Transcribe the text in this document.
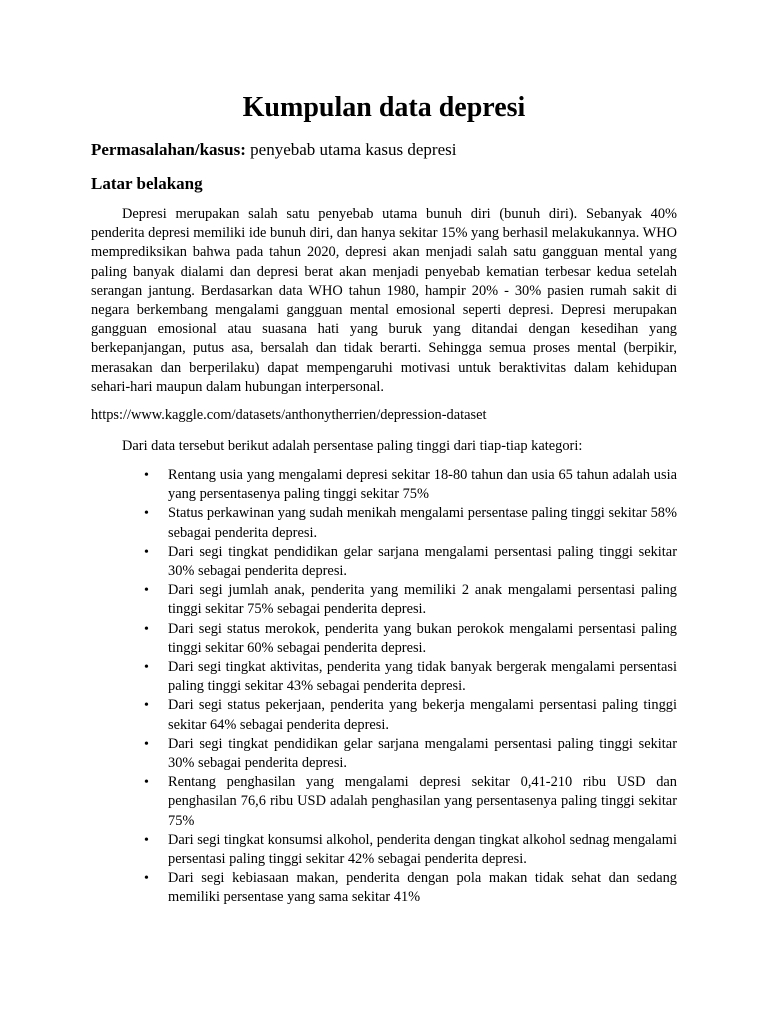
Kumpulan data depresi
Permasalahan/kasus: penyebab utama kasus depresi
Latar belakang

Depresi merupakan salah satu penyebab utama bunuh diri (bunuh diri). Sebanyak 40% penderita depresi memiliki ide bunuh diri, dan hanya sekitar 15% yang berhasil melakukannya. WHO memprediksikan bahwa pada tahun 2020, depresi akan menjadi salah satu gangguan mental yang paling banyak dialami dan depresi berat akan menjadi penyebab kematian terbesar kedua setelah serangan jantung. Berdasarkan data WHO tahun 1980, hampir 20% - 30% pasien rumah sakit di negara berkembang mengalami gangguan mental emosional seperti depresi. Depresi merupakan gangguan emosional atau suasana hati yang buruk yang ditandai dengan kesedihan yang berkepanjangan, putus asa, bersalah dan tidak berarti. Sehingga semua proses mental (berpikir, merasakan dan berperilaku) dapat mempengaruhi motivasi untuk beraktivitas dalam kehidupan sehari-hari maupun dalam hubungan interpersonal.

https://www.kaggle.com/datasets/anthonytherrien/depression-dataset
Dari data tersebut berikut adalah persentase paling tinggi dari tiap-tiap kategori:
•	Rentang usia yang mengalami depresi sekitar 18-80 tahun dan usia 65 tahun adalah usia yang persentasenya paling tinggi sekitar 75%
•	Status perkawinan yang sudah menikah mengalami persentase paling tinggi sekitar 58% sebagai penderita depresi.
•	Dari segi tingkat pendidikan gelar sarjana mengalami persentasi paling tinggi sekitar 30% sebagai penderita depresi.
•	Dari segi jumlah anak, penderita yang memiliki 2 anak mengalami persentasi paling tinggi sekitar 75% sebagai penderita depresi.
•	Dari segi status merokok, penderita yang bukan perokok mengalami persentasi paling tinggi sekitar 60% sebagai penderita depresi.
•	Dari segi tingkat aktivitas, penderita yang tidak banyak bergerak mengalami persentasi paling tinggi sekitar 43% sebagai penderita depresi.
•	Dari segi status pekerjaan, penderita yang bekerja mengalami persentasi paling tinggi sekitar 64% sebagai penderita depresi.
•	Dari segi tingkat pendidikan gelar sarjana mengalami persentasi paling tinggi sekitar 30% sebagai penderita depresi.
•	Rentang penghasilan yang mengalami depresi sekitar 0,41-210 ribu USD dan penghasilan 76,6 ribu USD adalah penghasilan yang persentasenya paling tinggi sekitar 75%
•	Dari segi tingkat konsumsi alkohol, penderita dengan tingkat alkohol sednag mengalami persentasi paling tinggi sekitar 42% sebagai penderita depresi.
•	Dari segi kebiasaan makan, penderita dengan pola makan tidak sehat dan sedang memiliki persentase yang sama sekitar 41%
